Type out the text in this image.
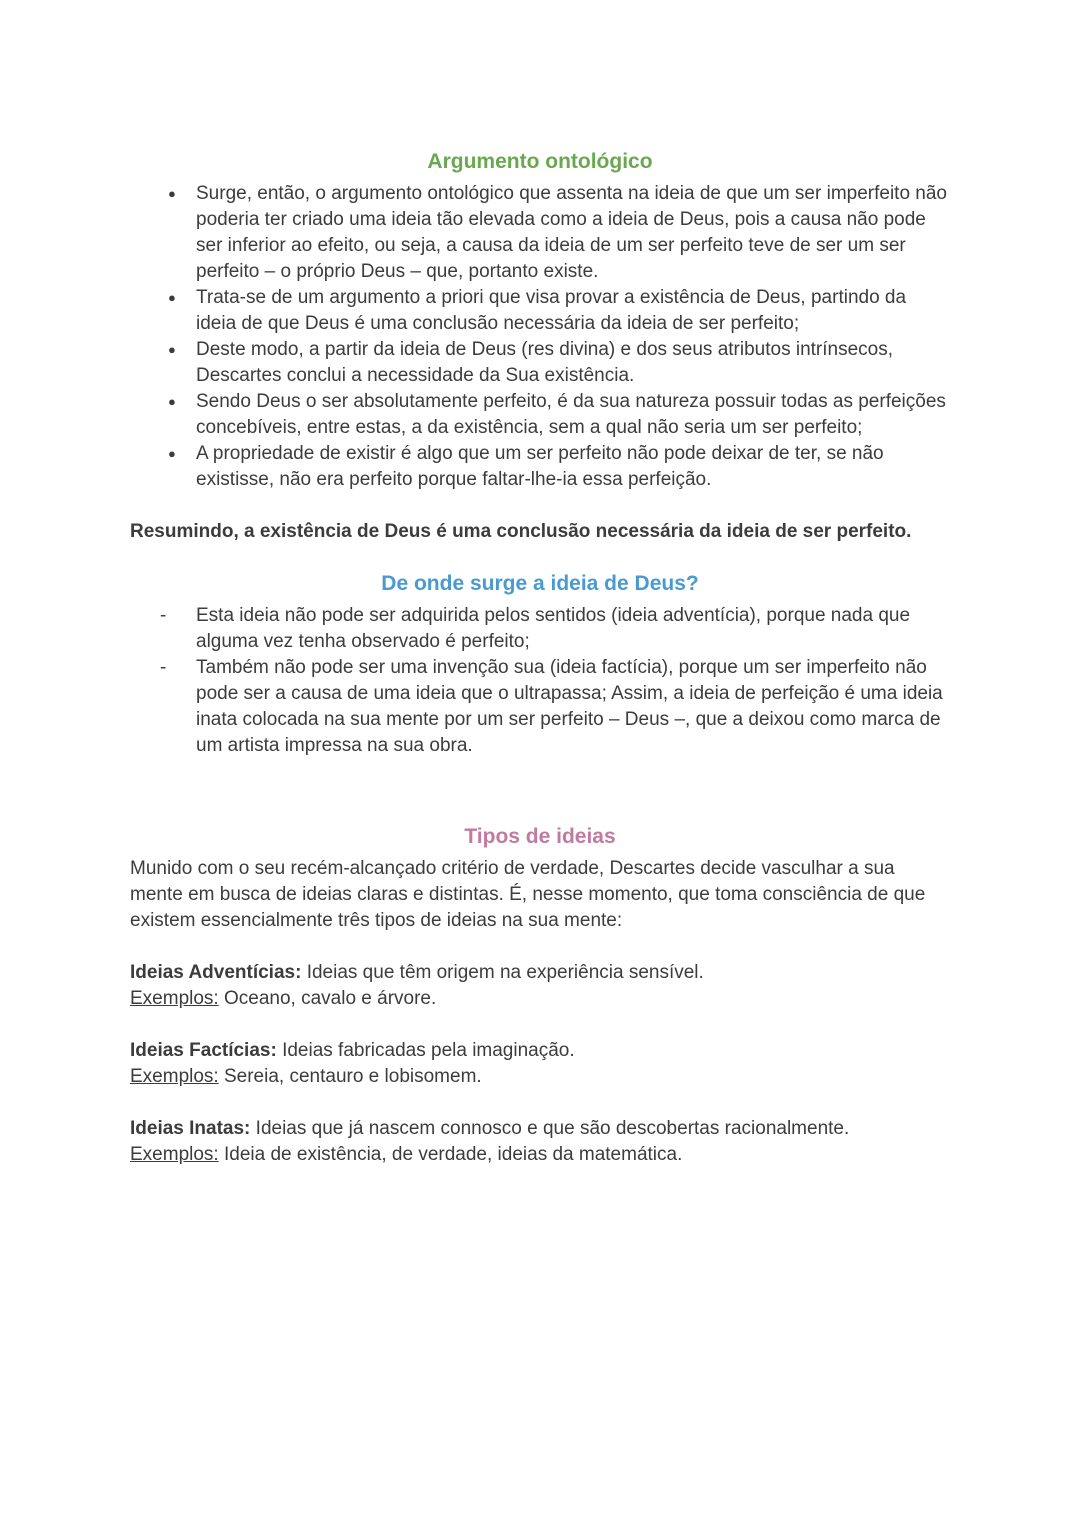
Argumento ontológico
●	Surge, então, o argumento ontológico que assenta na ideia de que um ser imperfeito não poderia ter criado uma ideia tão elevada como a ideia de Deus, pois a causa não pode ser inferior ao efeito, ou seja, a causa da ideia de um ser perfeito teve de ser um ser perfeito – o próprio Deus – que, portanto existe.
●	Trata-se de um argumento a priori que visa provar a existência de Deus, partindo da ideia de que Deus é uma conclusão necessária da ideia de ser perfeito;
●	Deste modo, a partir da ideia de Deus (res divina) e dos seus atributos intrínsecos, Descartes conclui a necessidade da Sua existência.
●	Sendo Deus o ser absolutamente perfeito, é da sua natureza possuir todas as perfeições concebíveis, entre estas, a da existência, sem a qual não seria um ser perfeito;
●	A propriedade de existir é algo que um ser perfeito não pode deixar de ter, se não existisse, não era perfeito porque faltar-lhe-ia essa perfeição.

Resumindo, a existência de Deus é uma conclusão necessária da ideia de ser perfeito.

De onde surge a ideia de Deus?
-	Esta ideia não pode ser adquirida pelos sentidos (ideia adventícia), porque nada que alguma vez tenha observado é perfeito;
-	Também não pode ser uma invenção sua (ideia factícia), porque um ser imperfeito não pode ser a causa de uma ideia que o ultrapassa; Assim, a ideia de perfeição é uma ideia inata colocada na sua mente por um ser perfeito – Deus –, que a deixou como marca de um artista impressa na sua obra.
Tipos de ideias

Munido com o seu recém-alcançado critério de verdade, Descartes decide vasculhar a sua mente em busca de ideias claras e distintas. É, nesse momento, que toma consciência de que existem essencialmente três tipos de ideias na sua mente:

Ideias Adventícias: Ideias que têm origem na experiência sensível.

Exemplos: Oceano, cavalo e árvore.

Ideias Factícias: Ideias fabricadas pela imaginação.

Exemplos: Sereia, centauro e lobisomem.

Ideias Inatas: Ideias que já nascem connosco e que são descobertas racionalmente.

Exemplos: Ideia de existência, de verdade, ideias da matemática.
